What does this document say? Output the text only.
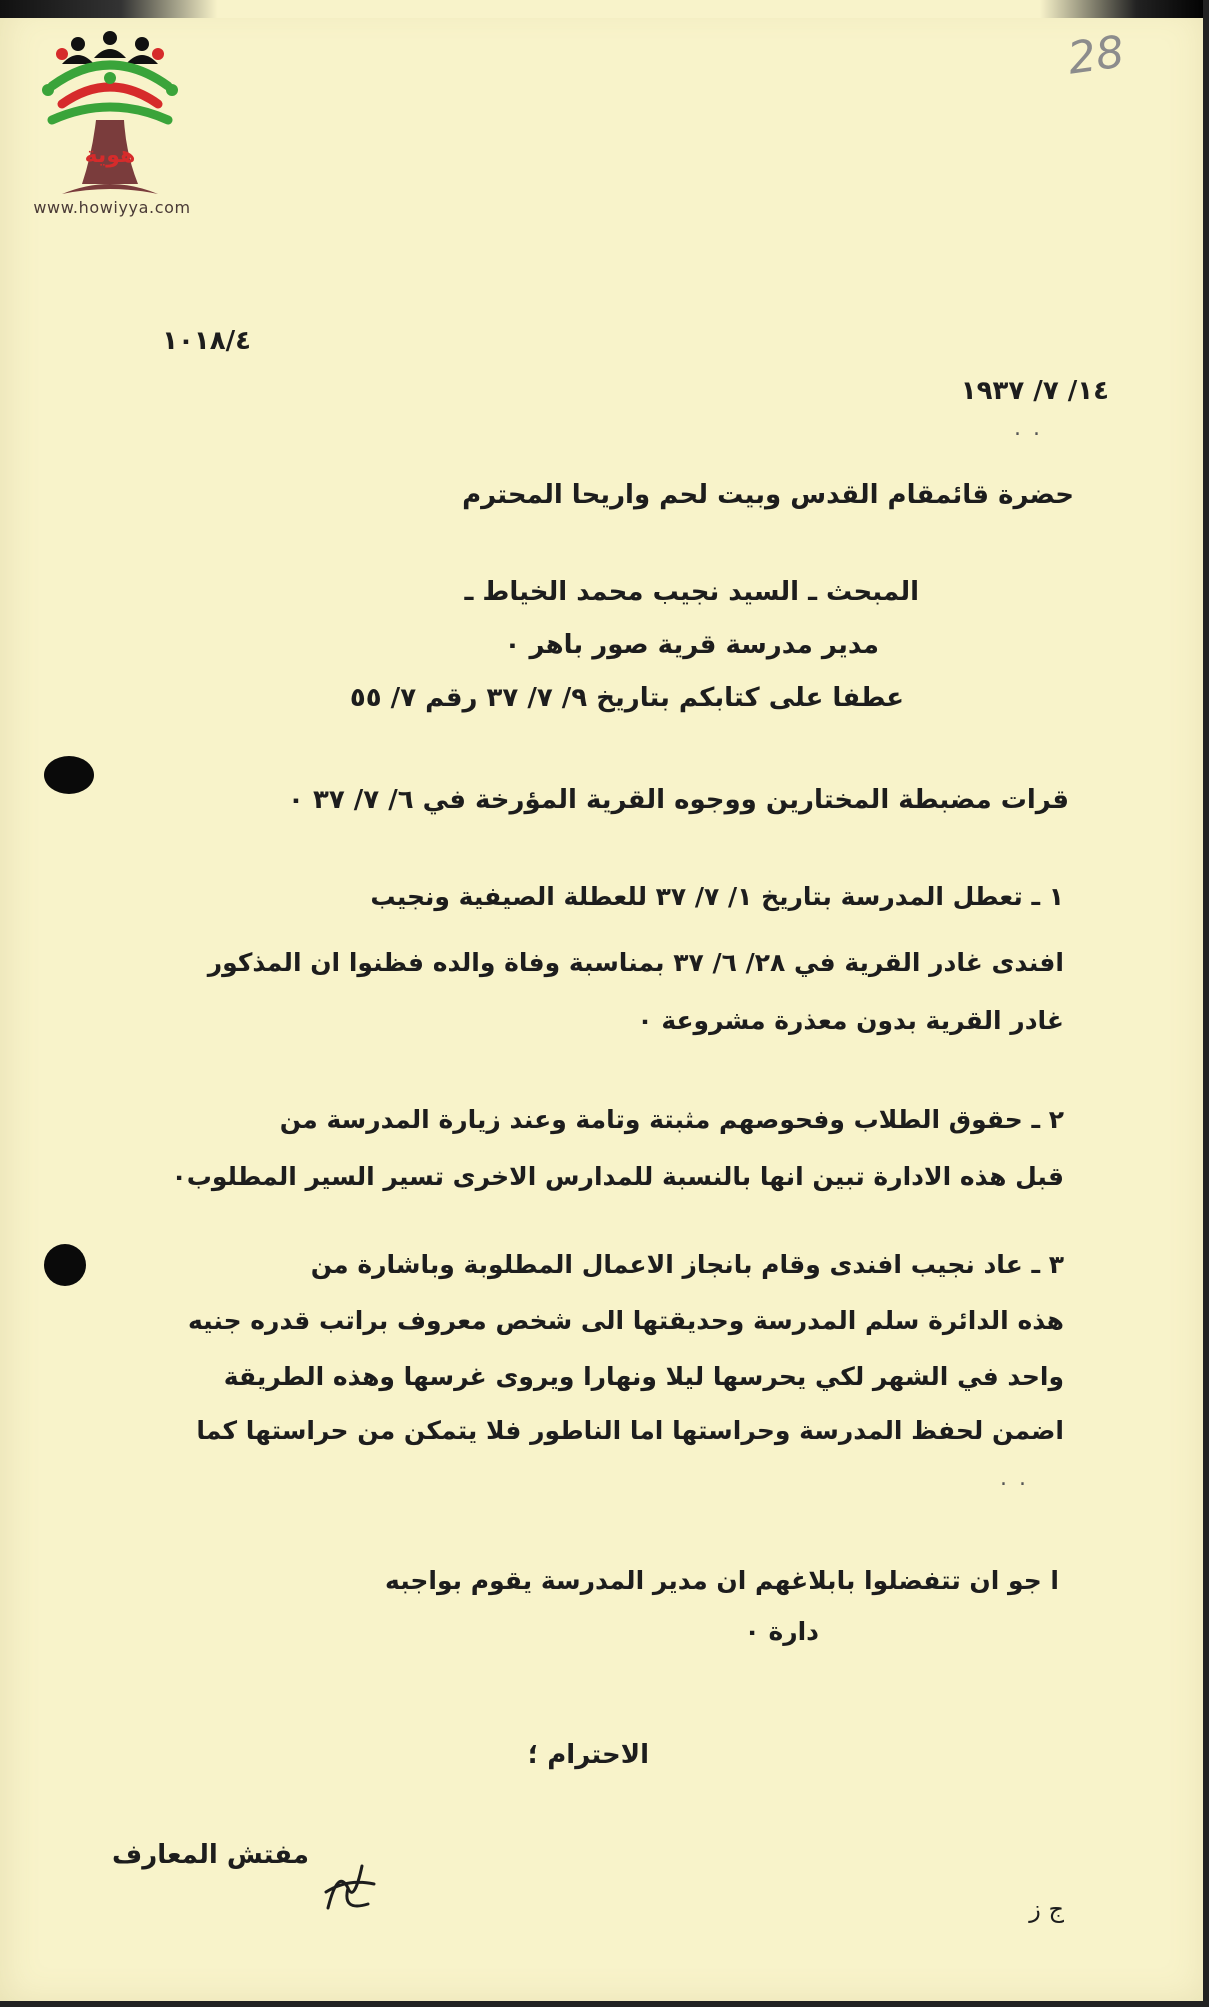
هوية
www.howiyya.com
28
١٠١٨/٤
١٤/ ٧/ ١٩٣٧
..
حضرة قائمقام القدس وبيت لحم واريحا المحترم
المبحث ـ السيد نجيب محمد الخياط ـ
مدير مدرسة قرية صور باهر ٠
عطفا على كتابكم بتاريخ ٩/ ٧/ ٣٧ رقم ٧/ ٥٥
قرات مضبطة المختارين ووجوه القرية المؤرخة في ٦/ ٧/ ٣٧ ٠
١ ـ تعطل المدرسة بتاريخ ١/ ٧/ ٣٧ للعطلة الصيفية ونجيب
افندى غادر القرية في ٢٨/ ٦/ ٣٧ بمناسبة وفاة والده فظنوا ان المذكور
غادر القرية بدون معذرة مشروعة ٠
٢ ـ حقوق الطلاب وفحوصهم مثبتة وتامة وعند زيارة المدرسة من
قبل هذه الادارة تبين انها بالنسبة للمدارس الاخرى تسير السير المطلوب٠
٣ ـ عاد نجيب افندى وقام بانجاز الاعمال المطلوبة وباشارة من
هذه الدائرة سلم المدرسة وحديقتها الى شخص معروف براتب قدره جنيه
واحد في الشهر لكي يحرسها ليلا ونهارا ويروى غرسها وهذه الطريقة
اضمن لحفظ المدرسة وحراستها اما الناطور فلا يتمكن من حراستها كما
..
ا جو ان تتفضلوا بابلاغهم ان مدير المدرسة يقوم بواجبه
دارة ٠
الاحترام ؛
مفتش المعارف
ج ز
